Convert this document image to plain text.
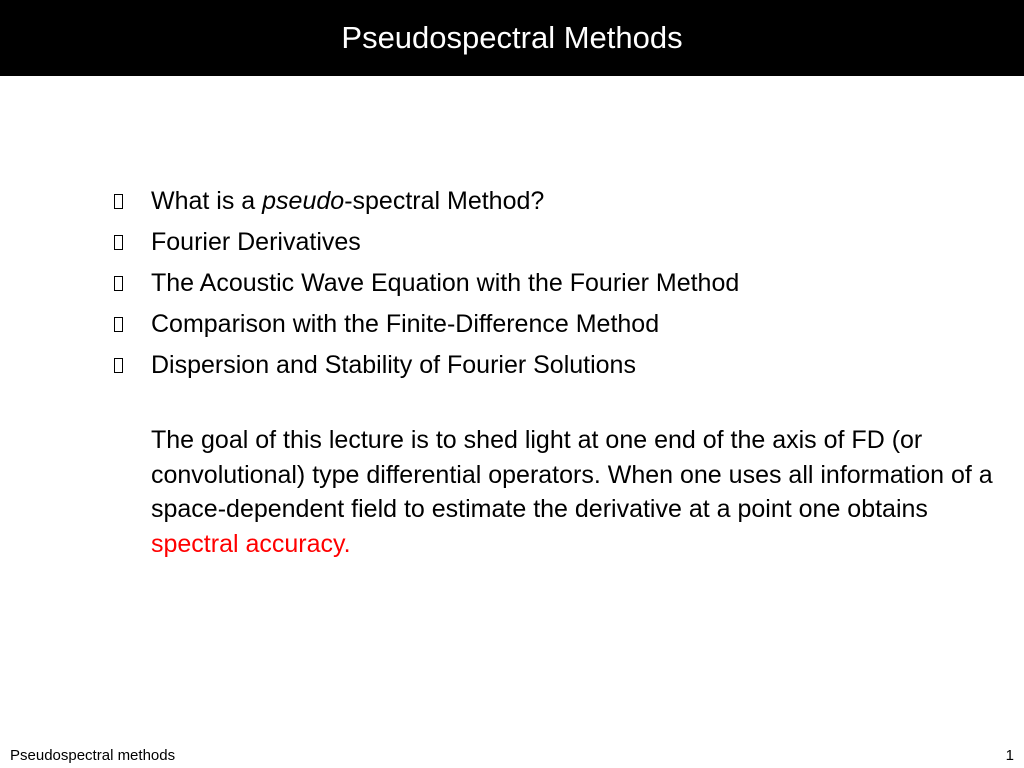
Pseudospectral Methods
What is a pseudo-spectral Method?
Fourier Derivatives
The Acoustic Wave Equation with the Fourier Method
Comparison with the Finite-Difference Method
Dispersion and Stability of Fourier Solutions

The goal of this lecture is to shed light at one end of the axis of FD (or convolutional) type differential operators. When one uses all information of a space-dependent field to estimate the derivative at a point one obtains spectral accuracy.

Pseudospectral methods	1
